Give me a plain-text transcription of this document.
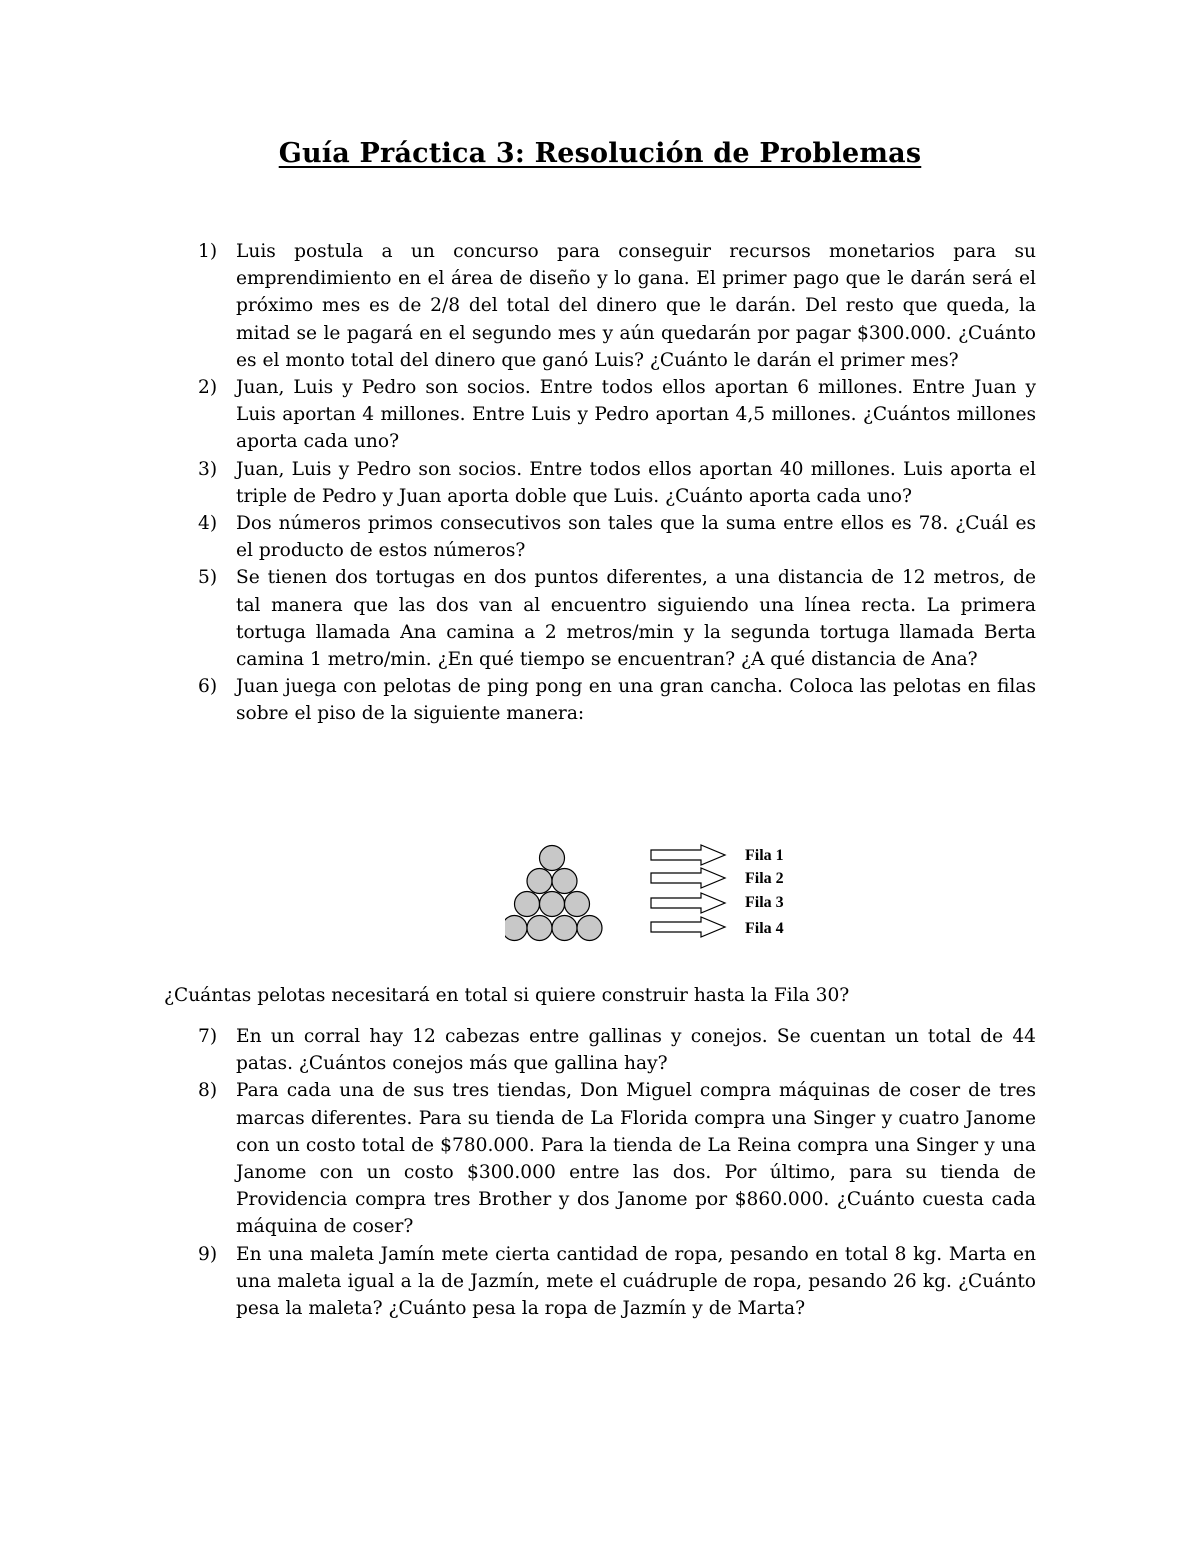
Guía Práctica 3: Resolución de Problemas
1) Luis postula a un concurso para conseguir recursos monetarios para su emprendimiento en el área de diseño y lo gana. El primer pago que le darán será el próximo mes es de 2/8 del total del dinero que le darán. Del resto que queda, la mitad se le pagará en el segundo mes y aún quedarán por pagar $300.000. ¿Cuánto es el monto total del dinero que ganó Luis? ¿Cuánto le darán el primer mes?
2) Juan, Luis y Pedro son socios. Entre todos ellos aportan 6 millones. Entre Juan y Luis aportan 4 millones. Entre Luis y Pedro aportan 4,5 millones. ¿Cuántos millones aporta cada uno?
3) Juan, Luis y Pedro son socios. Entre todos ellos aportan 40 millones. Luis aporta el triple de Pedro y Juan aporta doble que Luis. ¿Cuánto aporta cada uno?
4) Dos números primos consecutivos son tales que la suma entre ellos es 78. ¿Cuál es el producto de estos números?
5) Se tienen dos tortugas en dos puntos diferentes, a una distancia de 12 metros, de tal manera que las dos van al encuentro siguiendo una línea recta. La primera tortuga llamada Ana camina a 2 metros/min y la segunda tortuga llamada Berta camina 1 metro/min. ¿En qué tiempo se encuentran? ¿A qué distancia de Ana?
6) Juan juega con pelotas de ping pong en una gran cancha. Coloca las pelotas en filas sobre el piso de la siguiente manera:
Fila 1
Fila 2
Fila 3
Fila 4
¿Cuántas pelotas necesitará en total si quiere construir hasta la Fila 30?
7) En un corral hay 12 cabezas entre gallinas y conejos. Se cuentan un total de 44 patas. ¿Cuántos conejos más que gallina hay?
8) Para cada una de sus tres tiendas, Don Miguel compra máquinas de coser de tres marcas diferentes. Para su tienda de La Florida compra una Singer y cuatro Janome con un costo total de $780.000. Para la tienda de La Reina compra una Singer y una Janome con un costo $300.000 entre las dos. Por último, para su tienda de Providencia compra tres Brother y dos Janome por $860.000. ¿Cuánto cuesta cada máquina de coser?
9) En una maleta Jamín mete cierta cantidad de ropa, pesando en total 8 kg. Marta en una maleta igual a la de Jazmín, mete el cuádruple de ropa, pesando 26 kg. ¿Cuánto pesa la maleta? ¿Cuánto pesa la ropa de Jazmín y de Marta?
